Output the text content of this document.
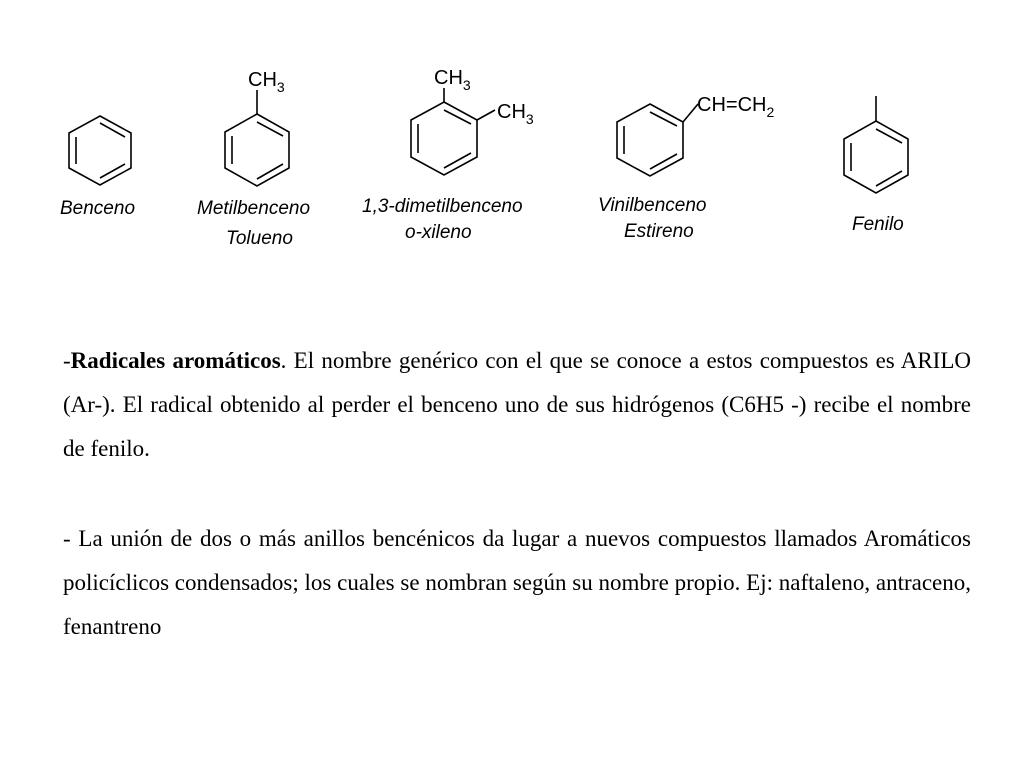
Benceno
CH3
Metilbenceno
Tolueno
CH3
CH3
1,3-dimetilbenceno
o-xileno
CH=CH2
Vinilbenceno
Estireno	Fenilo
-Radicales aromáticos. El nombre genérico con el que se conoce a estos compuestos es ARILO (Ar-). El radical obtenido al perder el benceno uno de sus hidrógenos (C6H5 -) recibe el nombre de fenilo.
- La unión de dos o más anillos bencénicos da lugar a nuevos compuestos llamados Aromáticos policíclicos condensados; los cuales se nombran según su nombre propio. Ej: naftaleno, antraceno, fenantreno
